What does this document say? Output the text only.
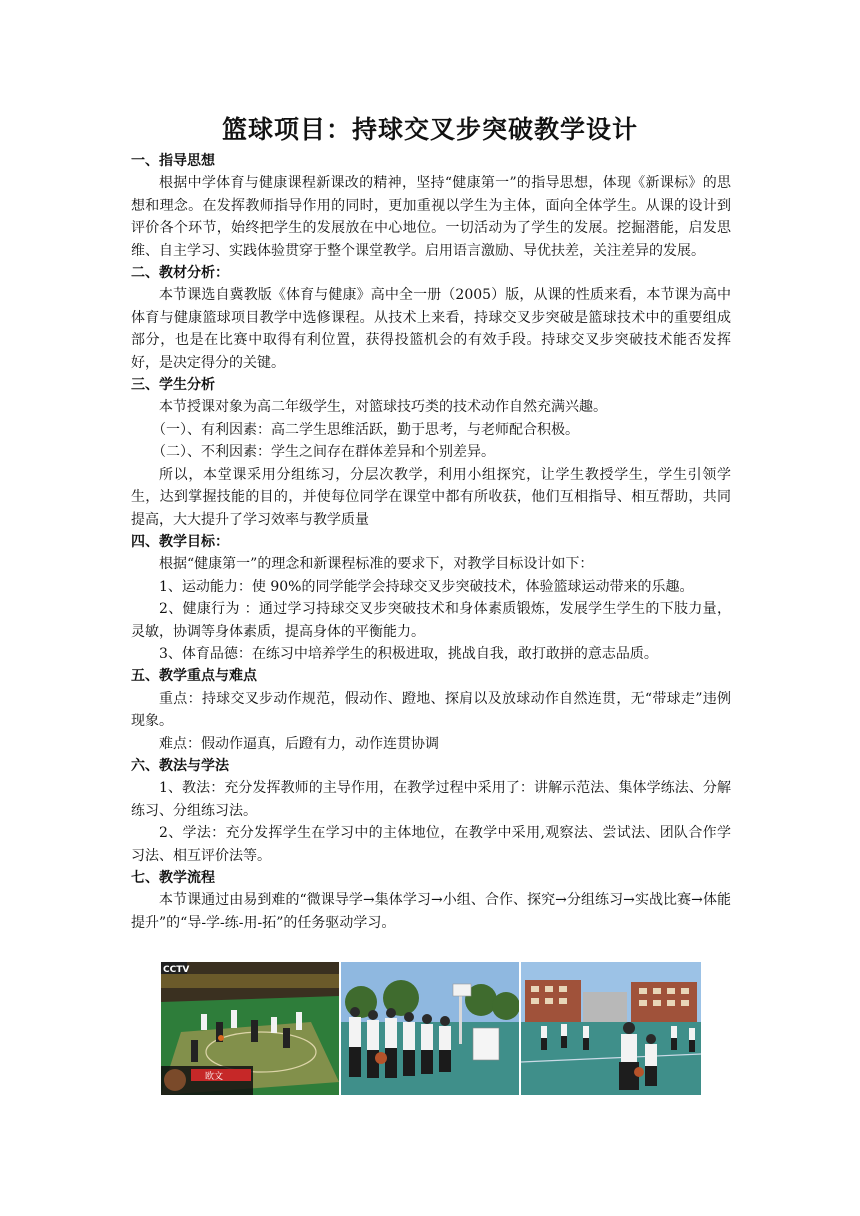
篮球项目：持球交叉步突破教学设计
一、指导思想
根据中学体育与健康课程新课改的精神，坚持“健康第一”的指导思想，体现《新课标》的思想和理念。在发挥教师指导作用的同时，更加重视以学生为主体，面向全体学生。从课的设计到评价各个环节，始终把学生的发展放在中心地位。一切活动为了学生的发展。挖掘潜能，启发思维、自主学习、实践体验贯穿于整个课堂教学。启用语言激励、导优扶差，关注差异的发展。
二、教材分析：
本节课选自冀教版《体育与健康》高中全一册（2005）版，从课的性质来看，本节课为高中体育与健康篮球项目教学中选修课程。从技术上来看，持球交叉步突破是篮球技术中的重要组成部分，也是在比赛中取得有利位置，获得投篮机会的有效手段。持球交叉步突破技术能否发挥好，是决定得分的关键。
三、学生分析
本节授课对象为高二年级学生，对篮球技巧类的技术动作自然充满兴趣。
（一）、有利因素：高二学生思维活跃，勤于思考，与老师配合积极。
（二）、不利因素：学生之间存在群体差异和个别差异。
所以，本堂课采用分组练习，分层次教学，利用小组探究，让学生教授学生，学生引领学生，达到掌握技能的目的，并使每位同学在课堂中都有所收获，他们互相指导、相互帮助，共同提高，大大提升了学习效率与教学质量
四、教学目标：
根据“健康第一”的理念和新课程标准的要求下，对教学目标设计如下：
1、运动能力：使 90%的同学能学会持球交叉步突破技术，体验篮球运动带来的乐趣。
2、健康行为 ：通过学习持球交叉步突破技术和身体素质锻炼，发展学生学生的下肢力量，灵敏，协调等身体素质，提高身体的平衡能力。
3、体育品德：在练习中培养学生的积极进取，挑战自我，敢打敢拼的意志品质。
五、教学重点与难点
重点：持球交叉步动作规范，假动作、蹬地、探肩以及放球动作自然连贯，无“带球走”违例现象。
难点：假动作逼真，后蹬有力，动作连贯协调
六、教法与学法
1、教法：充分发挥教师的主导作用，在教学过程中采用了：讲解示范法、集体学练法、分解练习、分组练习法。
2、学法：充分发挥学生在学习中的主体地位，在教学中采用,观察法、尝试法、团队合作学习法、相互评价法等。
七、教学流程
本节课通过由易到难的“微课导学→集体学习→小组、合作、探究→分组练习→实战比赛→体能提升”的“导-学-练-用-拓”的任务驱动学习。
CCTV
欧文
